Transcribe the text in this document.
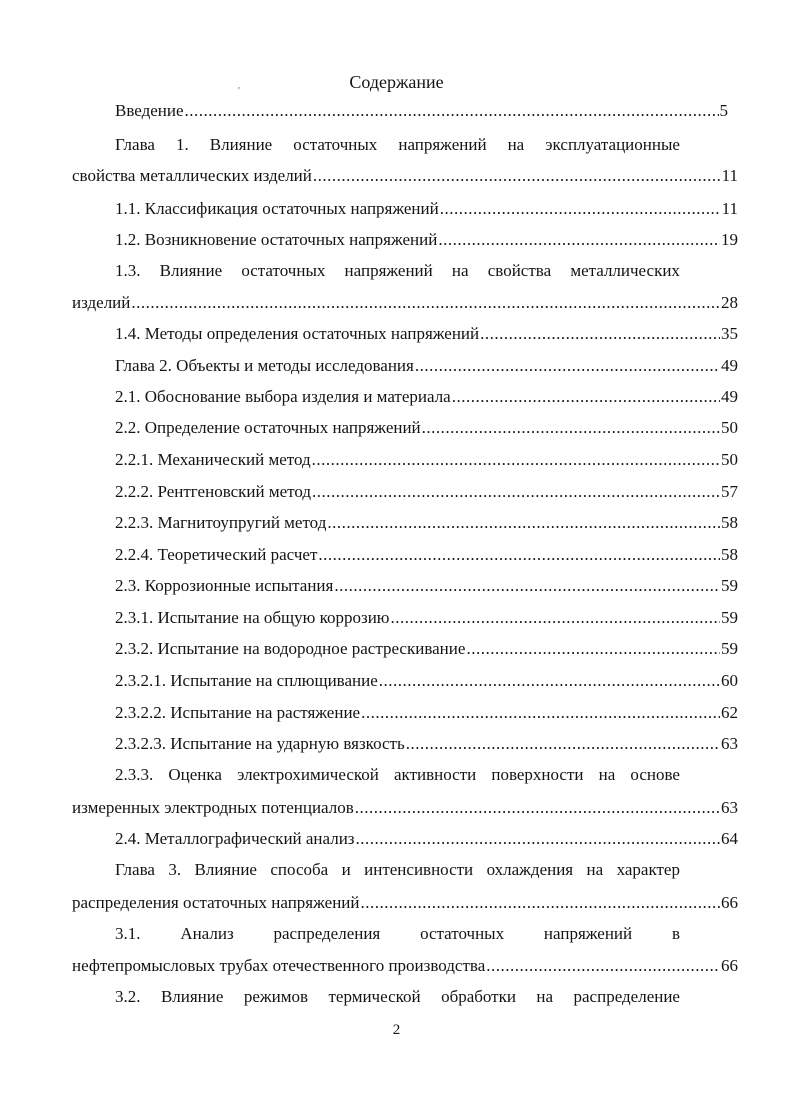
'	Содержание
Введение .....	5
Глава 1. Влияние остаточных напряжений на эксплуатационные
свойства металлических изделий .....	11
1.1. Классификация остаточных напряжений .....	11
1.2. Возникновение остаточных напряжений .....	19
1.3. Влияние остаточных напряжений на свойства металлических
изделий .....	28
1.4. Методы определения остаточных напряжений .....	35
Глава 2. Объекты и методы исследования .....	49
2.1. Обоснование выбора изделия и материала .....	49
2.2. Определение остаточных напряжений .....	50
2.2.1. Механический метод .....	50
2.2.2. Рентгеновский метод .....	57
2.2.3. Магнитоупругий метод .....	58
2.2.4. Теоретический расчет .....	58
2.3. Коррозионные испытания .....	59
2.3.1. Испытание на общую коррозию .....	59
2.3.2. Испытание на водородное растрескивание .....	59
2.3.2.1. Испытание на сплющивание .....	60
2.3.2.2. Испытание на растяжение .....	62
2.3.2.3. Испытание на ударную вязкость .....	63
2.3.3. Оценка электрохимической активности поверхности на основе
измеренных электродных потенциалов .....	63
2.4. Металлографический анализ .....	64
Глава 3. Влияние способа и интенсивности охлаждения на характер
распределения остаточных напряжений .....	66
3.1. Анализ распределения остаточных напряжений в
нефтепромысловых трубах отечественного производства .....	66
3.2. Влияние режимов термической обработки на распределение
2
